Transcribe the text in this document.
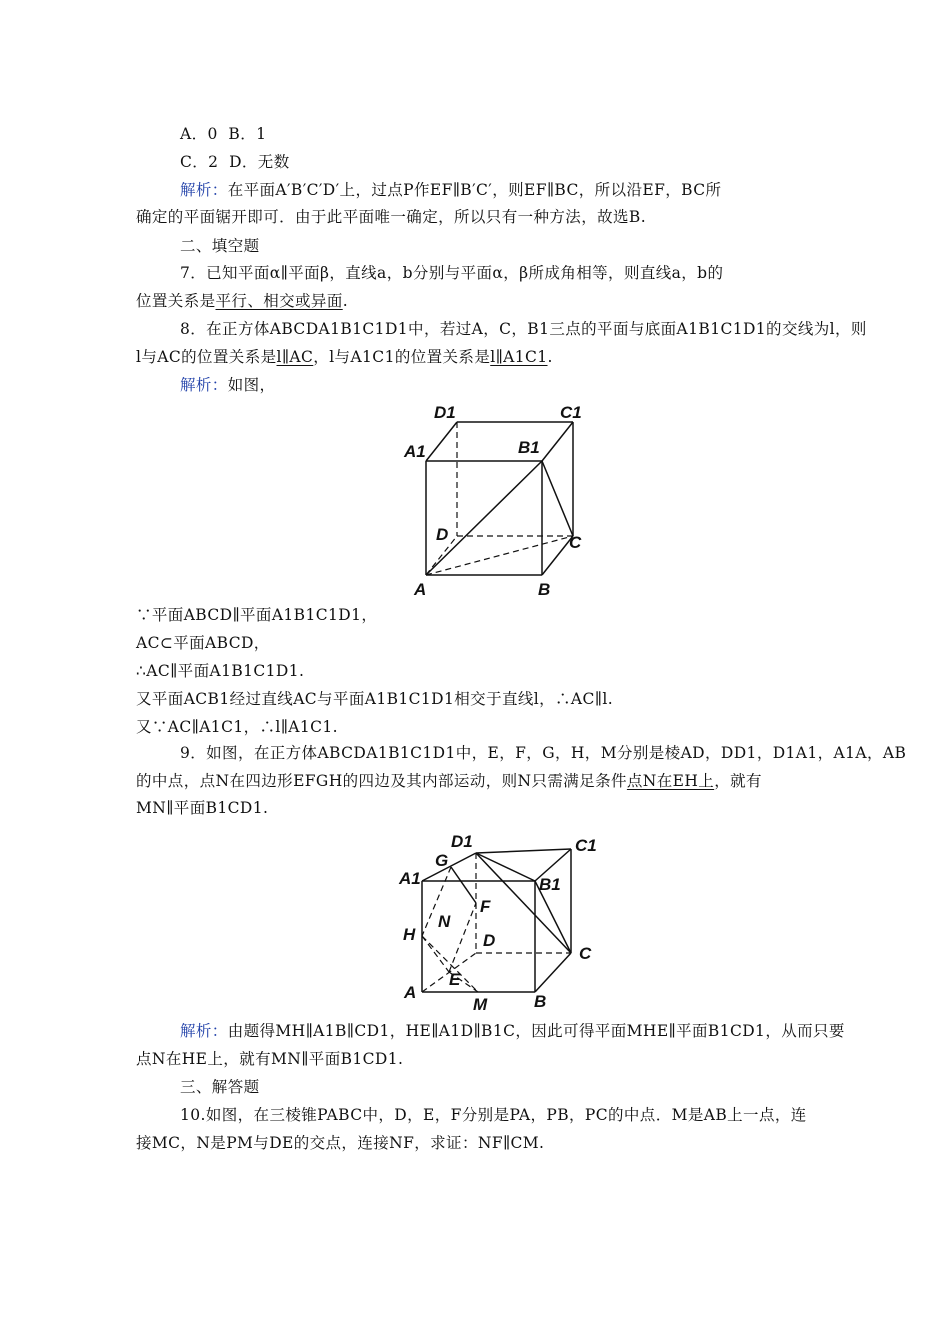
A．0 B．1
C．2 D．无数
解析：在平面A′B′C′D′上，过点P作EF∥B′C′，则EF∥BC，所以沿EF，BC所
确定的平面锯开即可．由于此平面唯一确定，所以只有一种方法，故选B.
二、填空题
7．已知平面α∥平面β，直线a，b分别与平面α，β所成角相等，则直线a，b的
位置关系是平行、相交或异面.
8．在正方体ABCDA1B1C1D1中，若过A，C，B1三点的平面与底面A1B1C1D1的交线为l，则
l与AC的位置关系是l∥AC，l与A1C1的位置关系是l∥A1C1.
解析：如图，
D1	C1
A1	B1
D	C
A	B
∵平面ABCD∥平面A1B1C1D1，
AC⊂平面ABCD，
∴AC∥平面A1B1C1D1.
又平面ACB1经过直线AC与平面A1B1C1D1相交于直线l，∴AC∥l.
又∵AC∥A1C1，∴l∥A1C1.
9．如图，在正方体ABCDA1B1C1D1中，E，F，G，H，M分别是棱AD，DD1，D1A1，A1A，AB
的中点，点N在四边形EFGH的四边及其内部运动，则N只需满足条件点N在EH上，就有
MN∥平面B1CD1.
D1	C1
G
A1	B1
F
N
H	D
C
E
A
M	B
解析：由题得MH∥A1B∥CD1，HE∥A1D∥B1C，因此可得平面MHE∥平面B1CD1，从而只要
点N在HE上，就有MN∥平面B1CD1.
三、解答题
10.如图，在三棱锥PABC中，D，E，F分别是PA，PB，PC的中点．M是AB上一点，连
接MC，N是PM与DE的交点，连接NF，求证：NF∥CM.
